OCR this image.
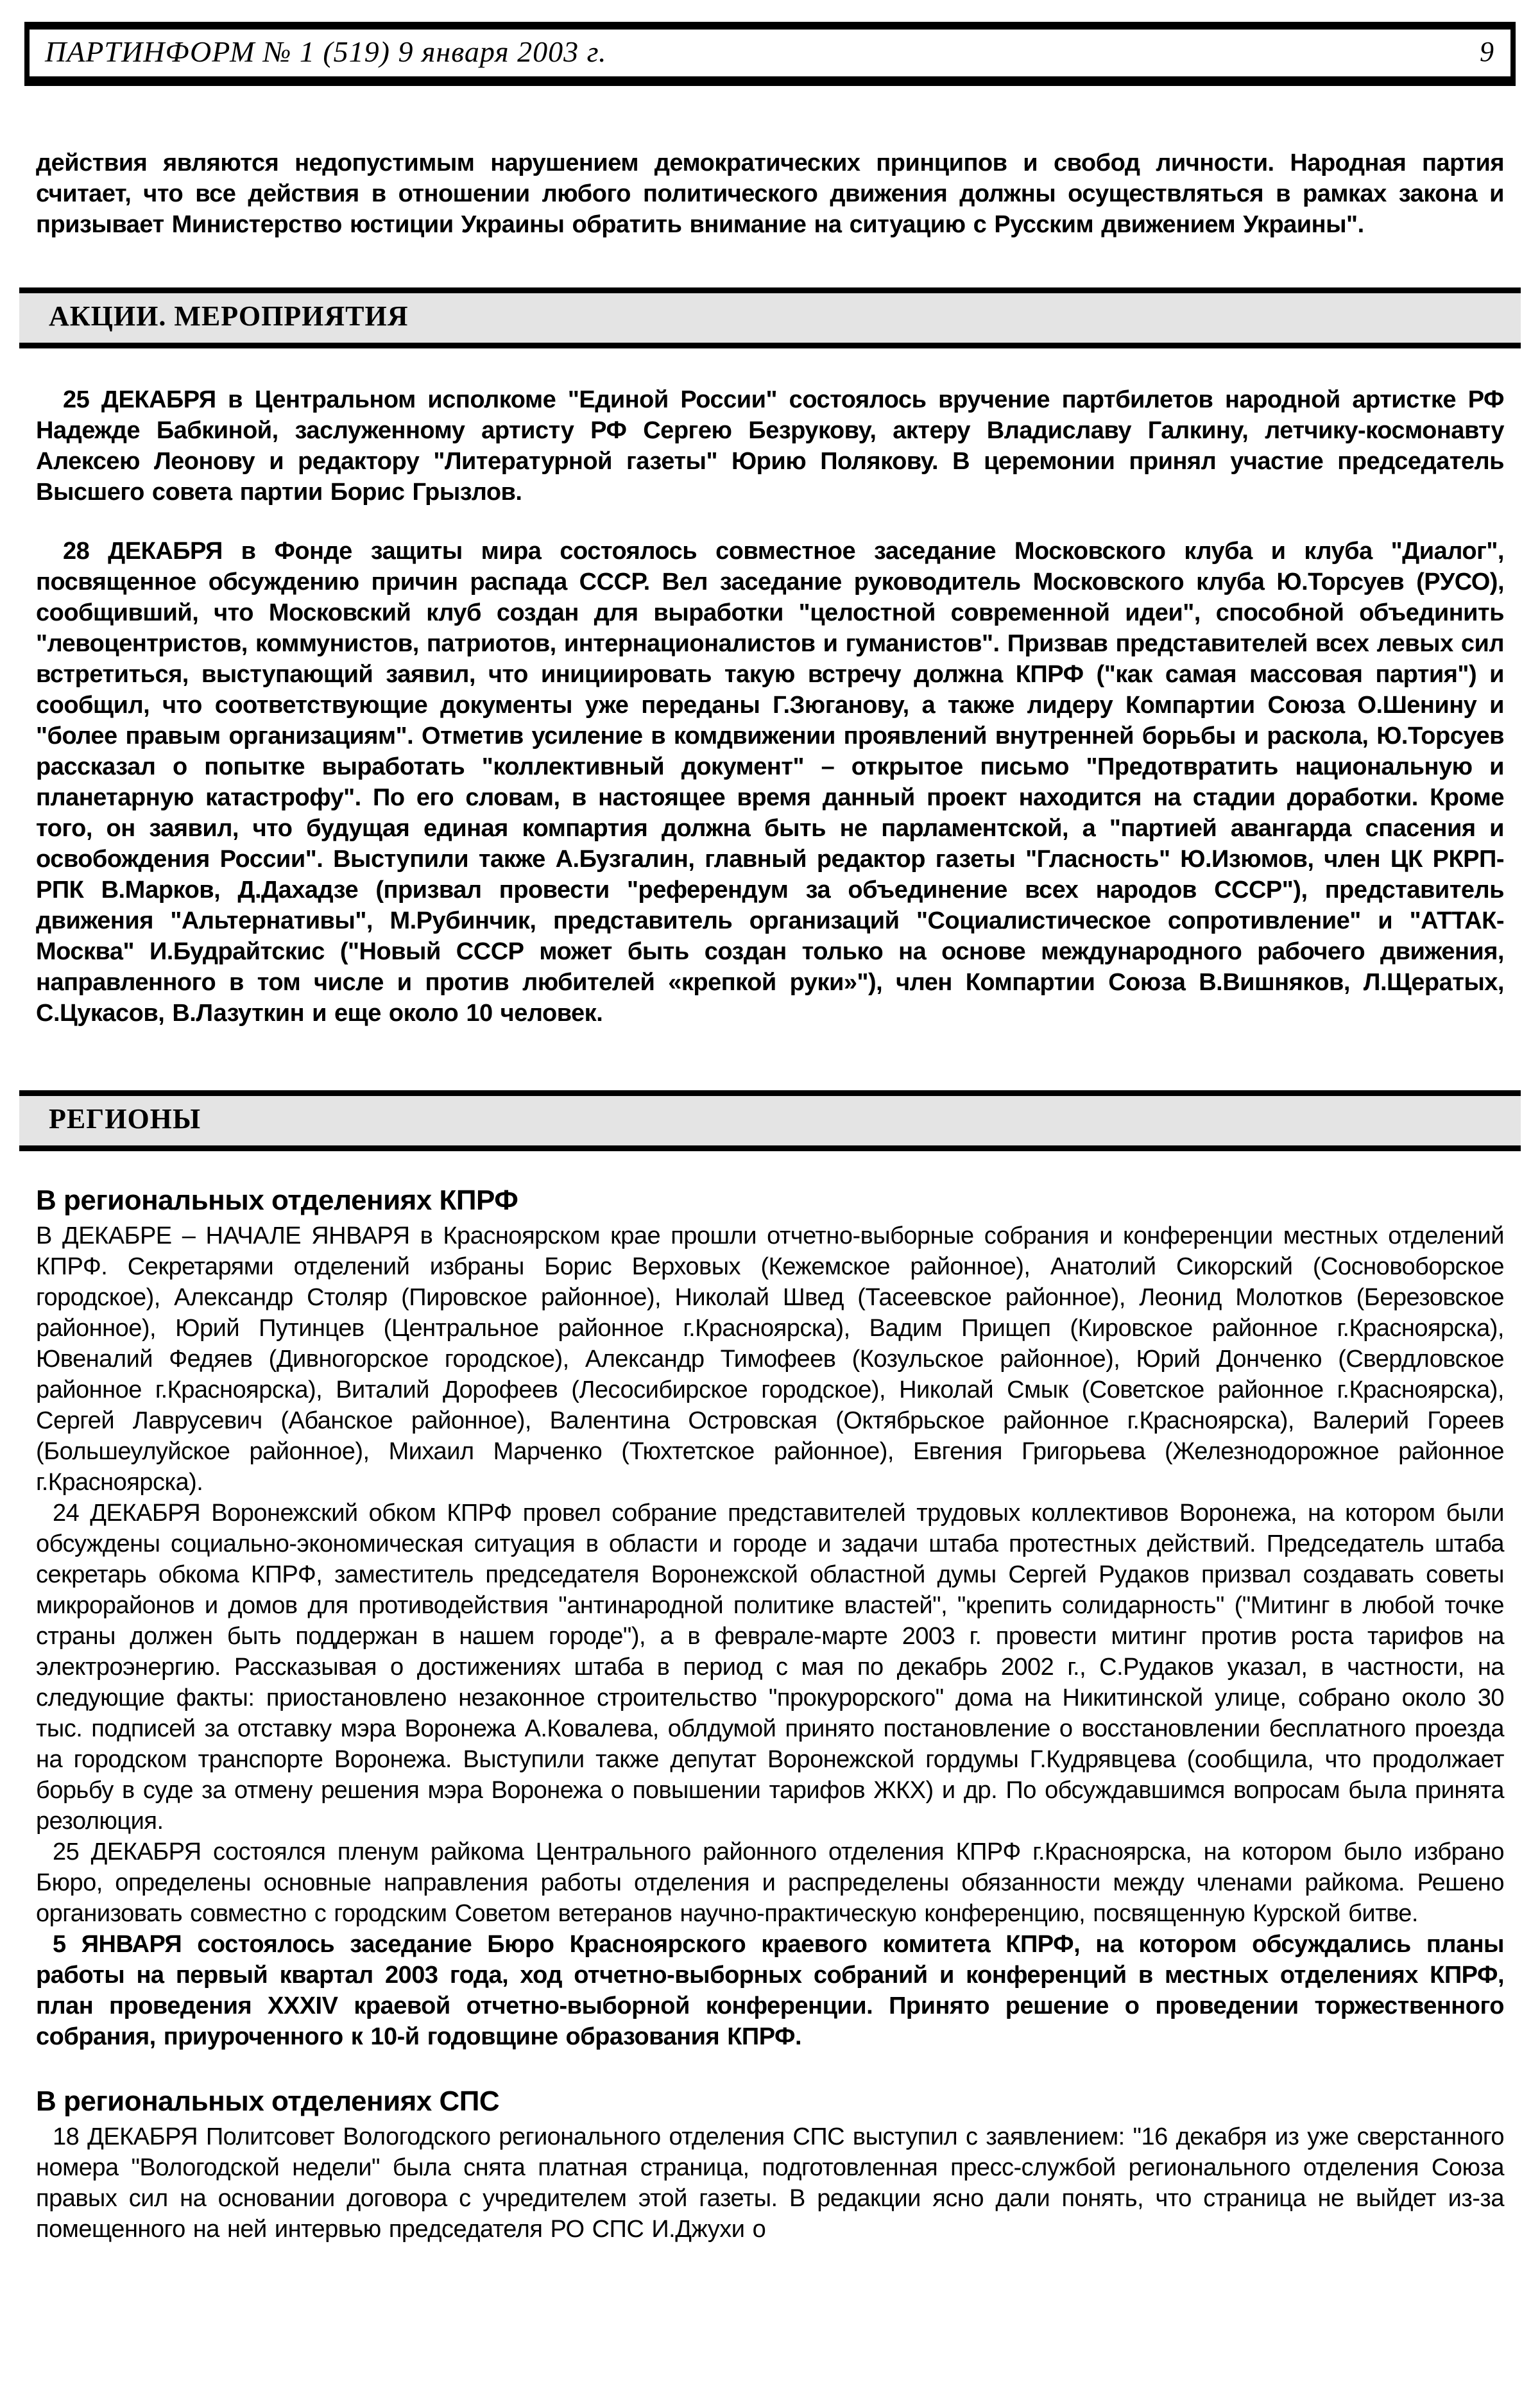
ПАРТИНФОРМ № 1 (519) 9 января 2003 г.	9

действия являются недопустимым нарушением демократических принципов и свобод личности. Народная партия считает, что все действия в отношении любого политического движения должны осуществляться в рамках закона и призывает Министерство юстиции Украины обратить внимание на ситуацию с Русским движением Украины".

АКЦИИ. МЕРОПРИЯТИЯ

25 ДЕКАБРЯ в Центральном исполкоме "Единой России" состоялось вручение партбилетов народной артистке РФ Надежде Бабкиной, заслуженному артисту РФ Сергею Безрукову, актеру Владиславу Галкину, летчику-космонавту Алексею Леонову и редактору "Литературной газеты" Юрию Полякову. В церемонии принял участие председатель Высшего совета партии Борис Грызлов.

28 ДЕКАБРЯ в Фонде защиты мира состоялось совместное заседание Московского клуба и клуба "Диалог", посвященное обсуждению причин распада СССР. Вел заседание руководитель Московского клуба Ю.Торсуев (РУСО), сообщивший, что Московский клуб создан для выработки "целостной современной идеи", способной объединить "левоцентристов, коммунистов, патриотов, интернационалистов и гуманистов". Призвав представителей всех левых сил встретиться, выступающий заявил, что инициировать такую встречу должна КПРФ ("как самая массовая партия") и сообщил, что соответствующие документы уже переданы Г.Зюганову, а также лидеру Компартии Союза О.Шенину и "более правым организациям". Отметив усиление в комдвижении проявлений внутренней борьбы и раскола, Ю.Торсуев рассказал о попытке выработать "коллективный документ" – открытое письмо "Предотвратить национальную и планетарную катастрофу". По его словам, в настоящее время данный проект находится на стадии доработки. Кроме того, он заявил, что будущая единая компартия должна быть не парламентской, а "партией авангарда спасения и освобождения России". Выступили также А.Бузгалин, главный редактор газеты "Гласность" Ю.Изюмов, член ЦК РКРП-РПК В.Марков, Д.Дахадзе (призвал провести "референдум за объединение всех народов СССР"), представитель движения "Альтернативы", М.Рубинчик, представитель организаций "Социалистическое сопротивление" и "АТТАК-Москва" И.Будрайтскис ("Новый СССР может быть создан только на основе международного рабочего движения, направленного в том числе и против любителей «крепкой руки»"), член Компартии Союза В.Вишняков, Л.Щератых, С.Цукасов, В.Лазуткин и еще около 10 человек.

РЕГИОНЫ
В региональных отделениях КПРФ

В ДЕКАБРЕ – НАЧАЛЕ ЯНВАРЯ в Красноярском крае прошли отчетно-выборные собрания и конференции местных отделений КПРФ. Секретарями отделений избраны Борис Верховых (Кежемское районное), Анатолий Сикорский (Сосновоборское городское), Александр Столяр (Пировское районное), Николай Швед (Тасеевское районное), Леонид Молотков (Березовское районное), Юрий Путинцев (Центральное районное г.Красноярска), Вадим Прищеп (Кировское районное г.Красноярска), Ювеналий Федяев (Дивногорское городское), Александр Тимофеев (Козульское районное), Юрий Донченко (Свердловское районное г.Красноярска), Виталий Дорофеев (Лесосибирское городское), Николай Смык (Советское районное г.Красноярска), Сергей Лаврусевич (Абанское районное), Валентина Островская (Октябрьское районное г.Красноярска), Валерий Гореев (Большеулуйское районное), Михаил Марченко (Тюхтетское районное), Евгения Григорьева (Железнодорожное районное г.Красноярска).

24 ДЕКАБРЯ Воронежский обком КПРФ провел собрание представителей трудовых коллективов Воронежа, на котором были обсуждены социально-экономическая ситуация в области и городе и задачи штаба протестных действий. Председатель штаба секретарь обкома КПРФ, заместитель председателя Воронежской областной думы Сергей Рудаков призвал создавать советы микрорайонов и домов для противодействия "антинародной политике властей", "крепить солидарность" ("Митинг в любой точке страны должен быть поддержан в нашем городе"), а в феврале-марте 2003 г. провести митинг против роста тарифов на электроэнергию. Рассказывая о достижениях штаба в период с мая по декабрь 2002 г., С.Рудаков указал, в частности, на следующие факты: приостановлено незаконное строительство "прокурорского" дома на Никитинской улице, собрано около 30 тыс. подписей за отставку мэра Воронежа А.Ковалева, облдумой принято постановление о восстановлении бесплатного проезда на городском транспорте Воронежа. Выступили также депутат Воронежской гордумы Г.Кудрявцева (сообщила, что продолжает борьбу в суде за отмену решения мэра Воронежа о повышении тарифов ЖКХ) и др. По обсуждавшимся вопросам была принята резолюция.

25 ДЕКАБРЯ состоялся пленум райкома Центрального районного отделения КПРФ г.Красноярска, на котором было избрано Бюро, определены основные направления работы отделения и распределены обязанности между членами райкома. Решено организовать совместно с городским Советом ветеранов научно-практическую конференцию, посвященную Курской битве.

5 ЯНВАРЯ состоялось заседание Бюро Красноярского краевого комитета КПРФ, на котором обсуждались планы работы на первый квартал 2003 года, ход отчетно-выборных собраний и конференций в местных отделениях КПРФ, план проведения XXXIV краевой отчетно-выборной конференции. Принято решение о проведении торжественного собрания, приуроченного к 10-й годовщине образования КПРФ.

В региональных отделениях СПС

18 ДЕКАБРЯ Политсовет Вологодского регионального отделения СПС выступил с заявлением: "16 декабря из уже сверстанного номера "Вологодской недели" была снята платная страница, подготовленная пресс-службой регионального отделения Союза правых сил на основании договора с учредителем этой газеты. В редакции ясно дали понять, что страница не выйдет из-за помещенного на ней интервью председателя РО СПС И.Джухи о
